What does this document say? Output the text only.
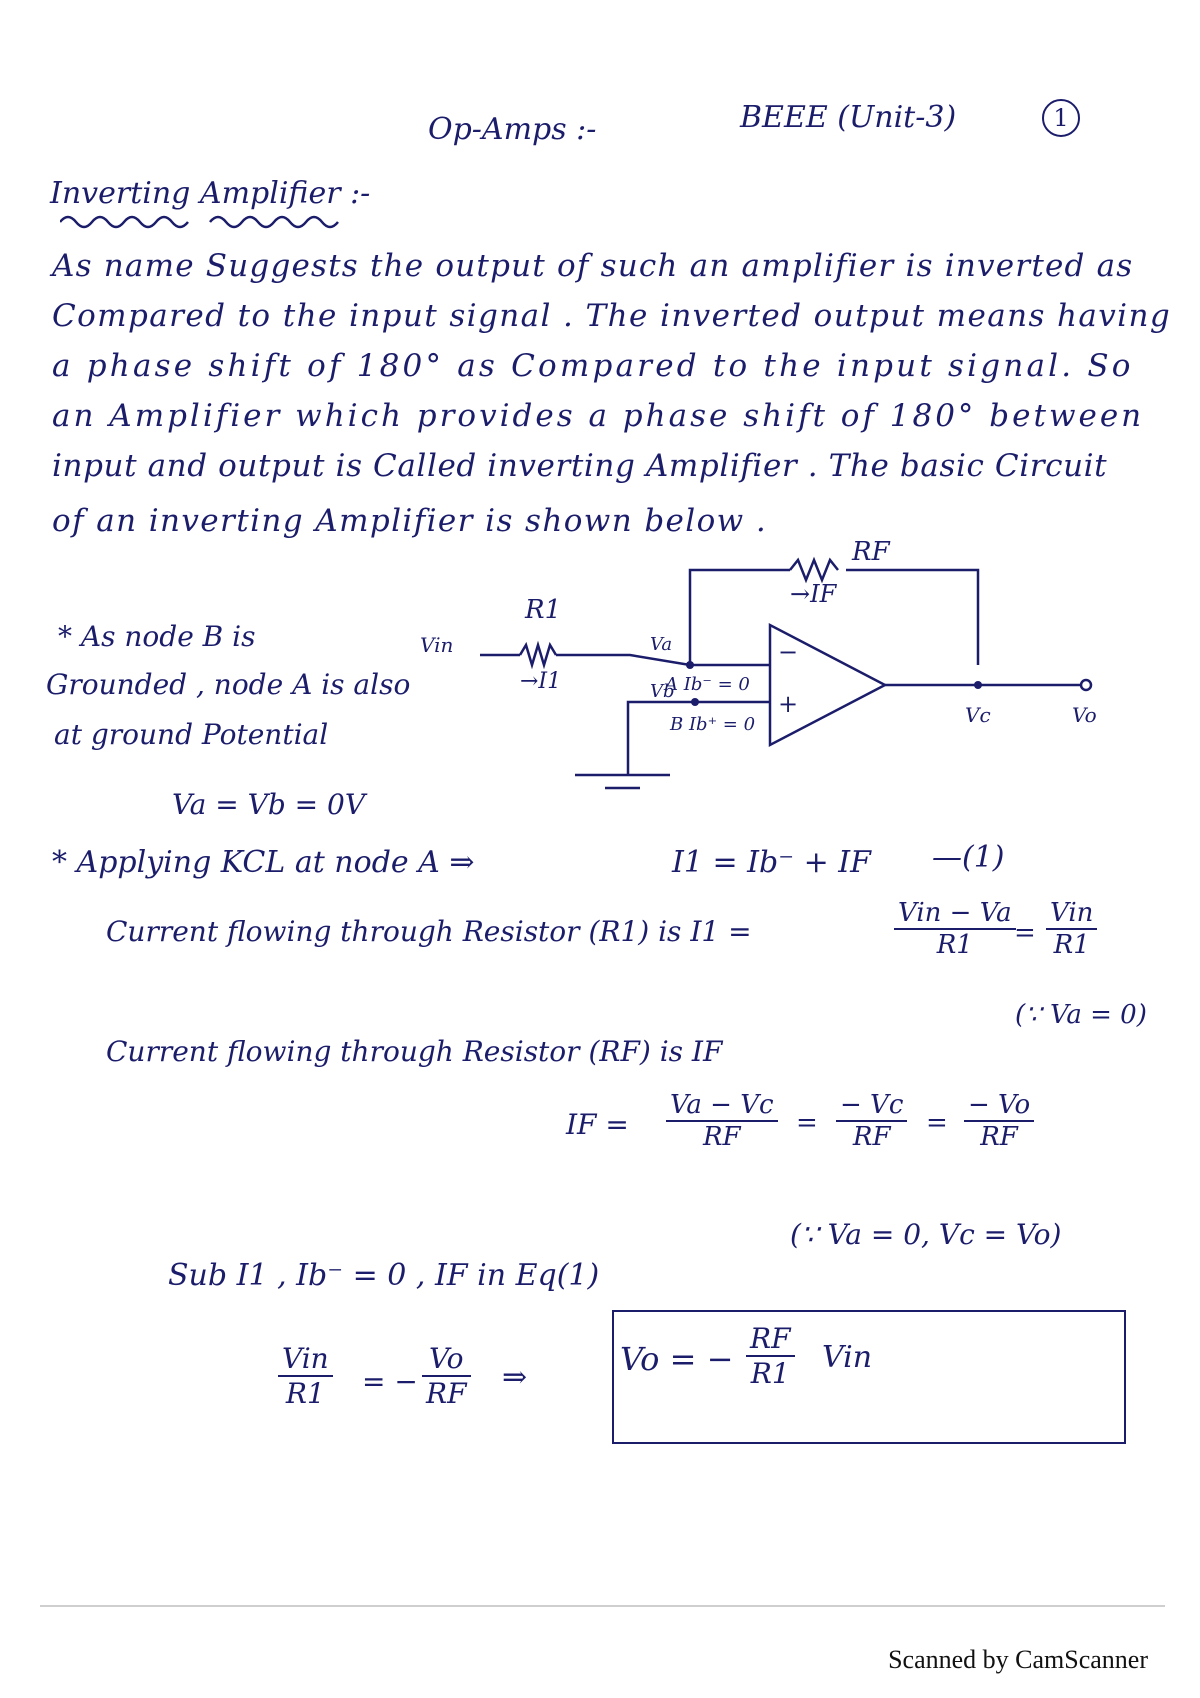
Op-Amps :-	BEEE (Unit-3)	1
Inverting Amplifier :-
As name Suggests the output of such an amplifier is inverted as
Compared to the input signal . The inverted output means having
a phase shift of 180° as Compared to the input signal. So
an Amplifier which provides a phase shift of 180° between
input and output is Called inverting Amplifier . The basic Circuit
of an inverting Amplifier is shown below .
* As node B is
Grounded , node A is also
at ground Potential
RF
→IF
R1
Vin
→I1
Va
Vb
A Ib⁻ = 0
B Ib⁺ = 0
−
+	Vc	Vo
Va = Vb = 0V
* Applying KCL at node A ⇒	I1 = Ib⁻ + IF —(1)
Current flowing through Resistor (R1) is I1 =	$\frac{\text{Vin − Va}}{R1}$
= $\frac{\text{Vin}}{R1}$
(∵ Va = 0)
Current flowing through Resistor (RF) is IF
IF = $\frac{Va - Vc}{RF} = \frac{- Vc}{RF} = \frac{- Vo}{RF}$
(∵ Va = 0, Vc = Vo)
Sub I1 , Ib⁻ = 0 , IF in Eq(1)
$\frac{\text{Vin}}{R1}$ = − $\frac{Vo}{RF}$ ⇒	Vo = − $\frac{RF}{R1}$ Vin
Scanned by CamScanner
